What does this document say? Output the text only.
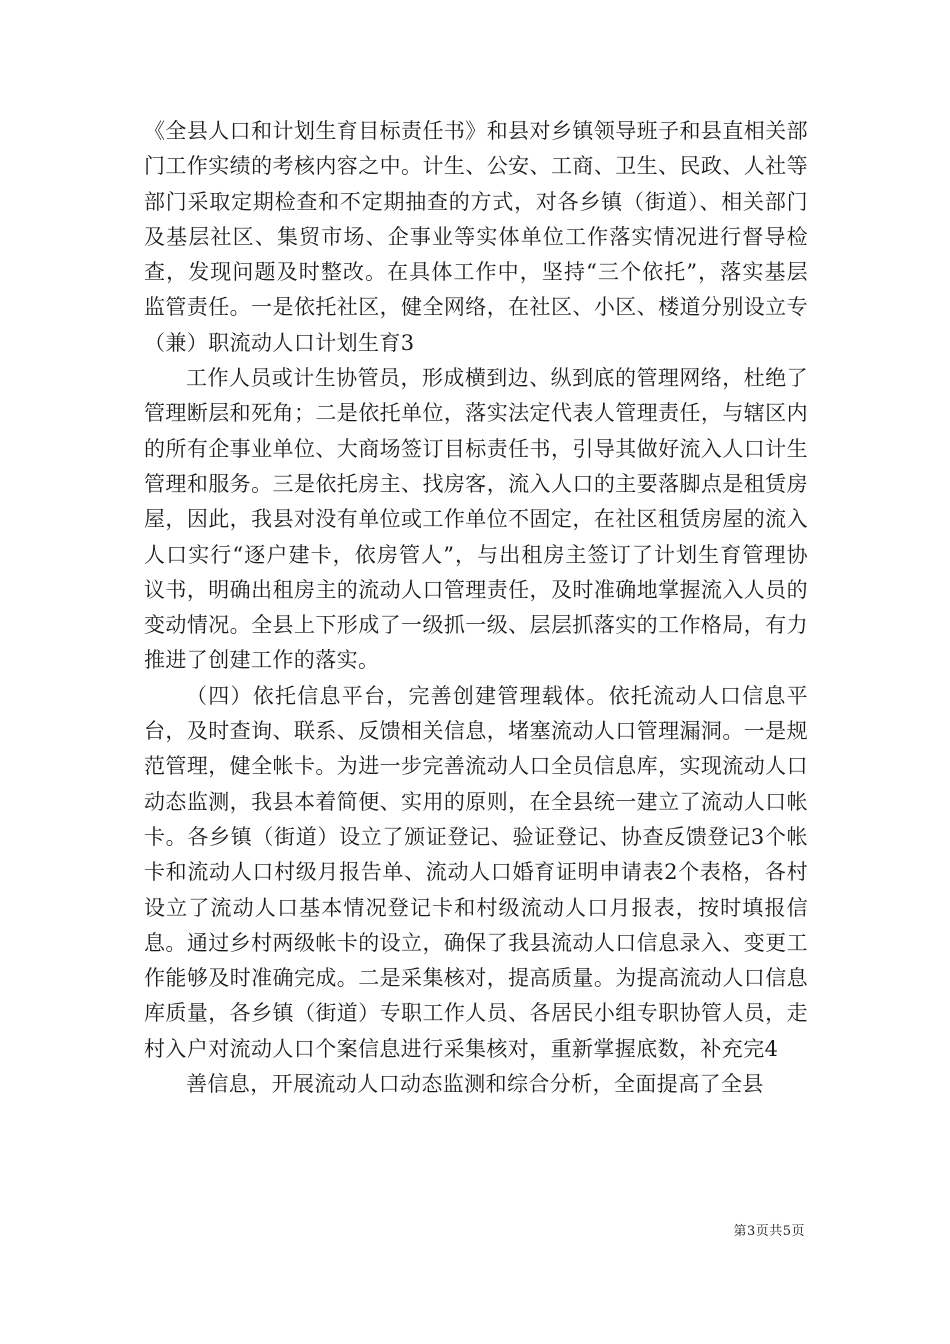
《全县人口和计划生育目标责任书》和县对乡镇领导班子和县直相关部门工作实绩的考核内容之中。计生、公安、工商、卫生、民政、人社等部门采取定期检查和不定期抽查的方式，对各乡镇（街道）、相关部门及基层社区、集贸市场、企事业等实体单位工作落实情况进行督导检查，发现问题及时整改。在具体工作中，坚持“三个依托”，落实基层监管责任。一是依托社区，健全网络，在社区、小区、楼道分别设立专（兼）职流动人口计划生育3

工作人员或计生协管员，形成横到边、纵到底的管理网络，杜绝了管理断层和死角；二是依托单位，落实法定代表人管理责任，与辖区内的所有企事业单位、大商场签订目标责任书，引导其做好流入人口计生管理和服务。三是依托房主、找房客，流入人口的主要落脚点是租赁房屋，因此，我县对没有单位或工作单位不固定，在社区租赁房屋的流入人口实行“逐户建卡，依房管人”，与出租房主签订了计划生育管理协议书，明确出租房主的流动人口管理责任，及时准确地掌握流入人员的变动情况。全县上下形成了一级抓一级、层层抓落实的工作格局，有力推进了创建工作的落实。

（四）依托信息平台，完善创建管理载体。依托流动人口信息平台，及时查询、联系、反馈相关信息，堵塞流动人口管理漏洞。一是规范管理，健全帐卡。为进一步完善流动人口全员信息库，实现流动人口动态监测，我县本着简便、实用的原则，在全县统一建立了流动人口帐卡。各乡镇（街道）设立了颁证登记、验证登记、协查反馈登记3个帐卡和流动人口村级月报告单、流动人口婚育证明申请表2个表格，各村设立了流动人口基本情况登记卡和村级流动人口月报表，按时填报信息。通过乡村两级帐卡的设立，确保了我县流动人口信息录入、变更工作能够及时准确完成。二是采集核对，提高质量。为提高流动人口信息库质量，各乡镇（街道）专职工作人员、各居民小组专职协管人员，走村入户对流动人口个案信息进行采集核对，重新掌握底数，补充完4

善信息，开展流动人口动态监测和综合分析，全面提高了全县

第3页共5页
